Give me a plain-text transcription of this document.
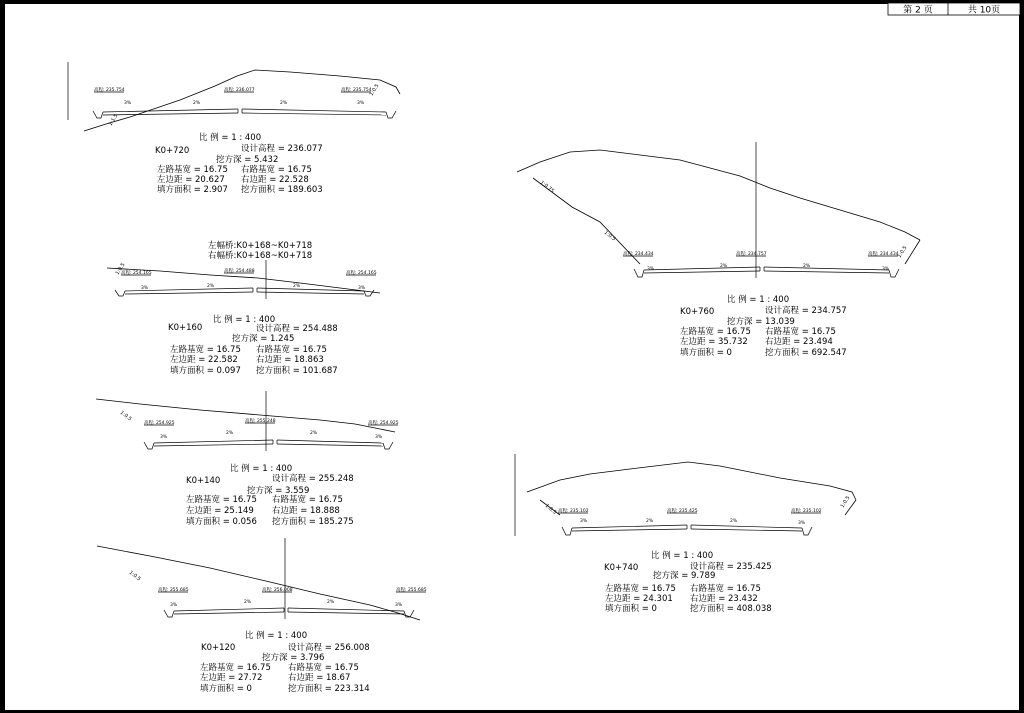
第 2 页	共 10页
左幅桥:K0+168~K0+718
右幅桥:K0+168~K0+718
高程: 235.754	高程: 236.077	高程: 235.754
2%	2%
3%	3%
1:1.5
1:0.5
比 例 = 1 : 400
K0+720	设计高程 = 236.077
挖方深 = 5.432
左路基宽 = 16.75 右路基宽 = 16.75
左边距 = 20.627 右边距 = 22.528
填方面积 = 2.907 挖方面积 = 189.603
高程: 254.165	高程: 254.488	高程: 254.165
2%	2%
3%	3%
1:0.5
比 例 = 1 : 400
K0+160	设计高程 = 254.488
挖方深 = 1.245
左路基宽 = 16.75 右路基宽 = 16.75
左边距 = 22.582 右边距 = 18.863
填方面积 = 0.097 挖方面积 = 101.687
高程: 254.925	高程: 255.248	高程: 254.925
2%	2%
3%	3%
1:0.5
比 例 = 1 : 400
K0+140	设计高程 = 255.248
挖方深 = 3.559
左路基宽 = 16.75 右路基宽 = 16.75
左边距 = 25.149 右边距 = 18.888
填方面积 = 0.056 挖方面积 = 185.275
高程: 255.685	高程: 256.008	高程: 255.685
2%	2%
3%	3%
1:0.5
比 例 = 1 : 400
K0+120	设计高程 = 256.008
挖方深 = 3.796
左路基宽 = 16.75 右路基宽 = 16.75
左边距 = 27.72	右边距 = 18.67
填方面积 = 0	挖方面积 = 223.314
高程: 234.434	高程: 234.757	高程: 234.434
2%	2%
3%	3%
1:0.75
1:0.5
1:0.5
比 例 = 1 : 400
K0+760	设计高程 = 234.757
挖方深 = 13.039
左路基宽 = 16.75 右路基宽 = 16.75
左边距 = 35.732 右边距 = 23.494
填方面积 = 0	挖方面积 = 692.547
高程: 235.102	高程: 235.425	高程: 235.102
2%	2%
3%	3%
1:0.5
1:0.5
比 例 = 1 : 400
K0+740	设计高程 = 235.425
挖方深 = 9.789
左路基宽 = 16.75 右路基宽 = 16.75
左边距 = 24.301 右边距 = 23.432
填方面积 = 0	挖方面积 = 408.038
